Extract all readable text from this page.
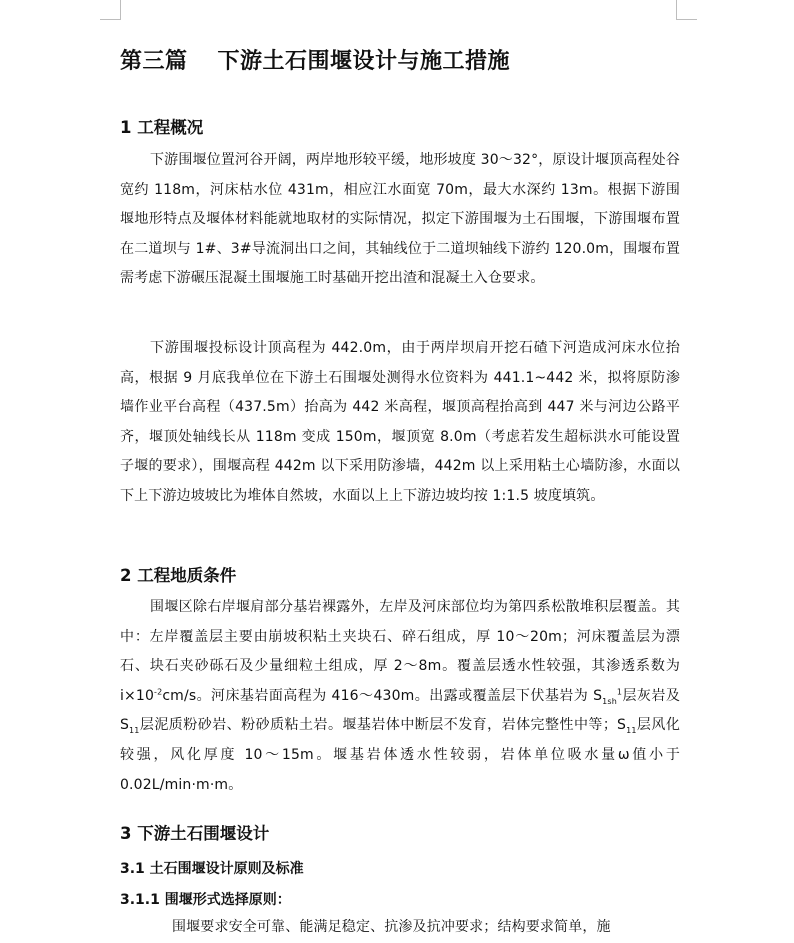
第三篇 下游土石围堰设计与施工措施
1 工程概况

下游围堰位置河谷开阔，两岸地形较平缓，地形坡度 30～32°，原设计堰顶高程处谷宽约 118m，河床枯水位 431m，相应江水面宽 70m，最大水深约 13m。根据下游围堰地形特点及堰体材料能就地取材的实际情况，拟定下游围堰为土石围堰，下游围堰布置在二道坝与 1#、3#导流洞出口之间，其轴线位于二道坝轴线下游约 120.0m，围堰布置需考虑下游碾压混凝土围堰施工时基础开挖出渣和混凝土入仓要求。

下游围堰投标设计顶高程为 442.0m，由于两岸坝肩开挖石碴下河造成河床水位抬高，根据 9 月底我单位在下游土石围堰处测得水位资料为 441.1~442 米，拟将原防渗墙作业平台高程（437.5m）抬高为 442 米高程，堰顶高程抬高到 447 米与河边公路平齐，堰顶处轴线长从 118m 变成 150m，堰顶宽 8.0m（考虑若发生超标洪水可能设置子堰的要求），围堰高程 442m 以下采用防渗墙，442m 以上采用粘土心墙防渗，水面以下上下游边坡坡比为堆体自然坡，水面以上上下游边坡均按 1:1.5 坡度填筑。

2 工程地质条件

围堰区除右岸堰肩部分基岩裸露外，左岸及河床部位均为第四系松散堆积层覆盖。其中：左岸覆盖层主要由崩坡积粘土夹块石、碎石组成，厚 10～20m；河床覆盖层为漂石、块石夹砂砾石及少量细粒土组成，厚 2～8m。覆盖层透水性较强，其渗透系数为 $i\times 10^{-2}cm/s$。河床基岩面高程为 416～430m。出露或覆盖层下伏基岩为 $S_{1sh}^1$层灰岩及 $S_{11}$层泥质粉砂岩、粉砂质粘土岩。堰基岩体中断层不发育，岩体完整性中等；$S_{11}$层风化较强，风化厚度 10～15m。堰基岩体透水性较弱，岩体单位吸水量ω值小于 0.02L/min·m·m。

3 下游土石围堰设计
3.1 土石围堰设计原则及标准
3.1.1 围堰形式选择原则：

围堰要求安全可靠、能满足稳定、抗渗及抗冲要求；结构要求简单，施
